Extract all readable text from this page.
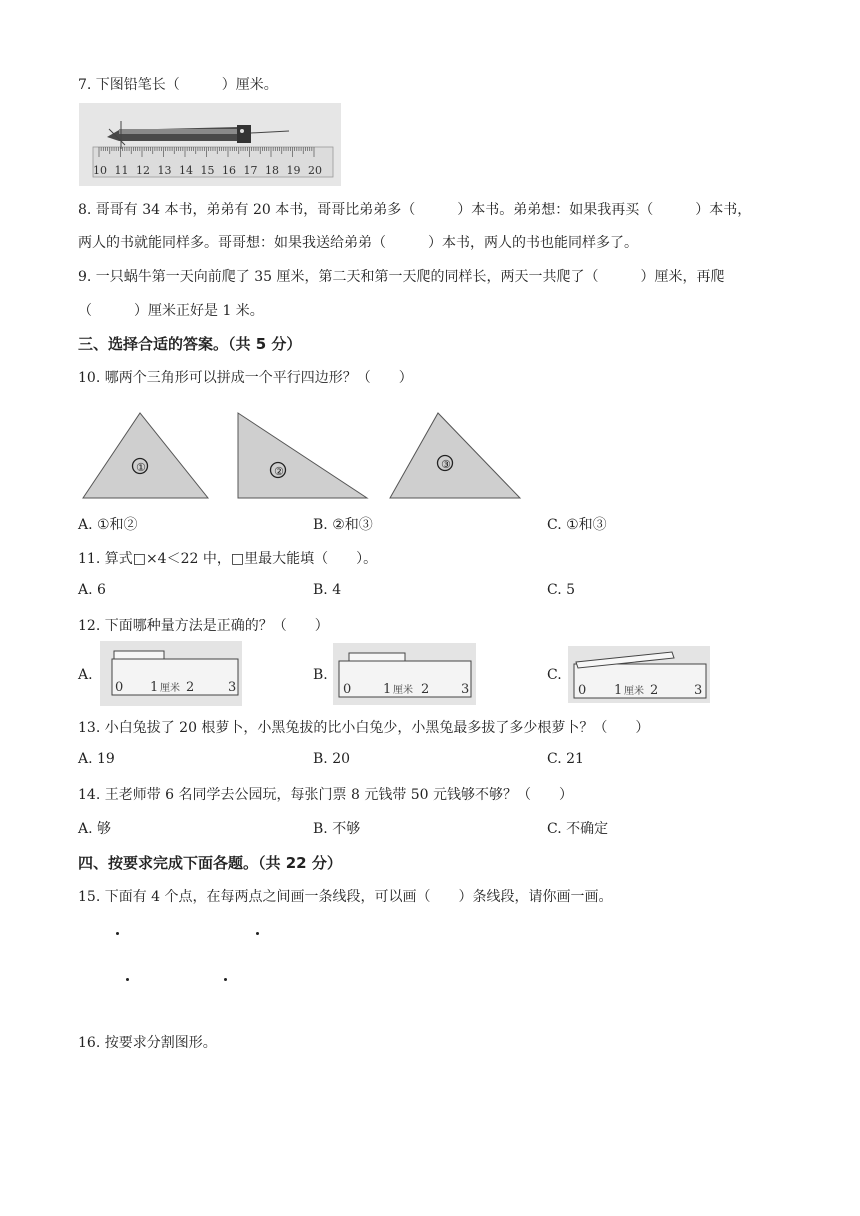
7. 下图铅笔长（　　　）厘米。
10 11 12 13 14 15 16 17 18 19 20
8. 哥哥有 34 本书，弟弟有 20 本书，哥哥比弟弟多（　　　）本书。弟弟想：如果我再买（　　　）本书，
两人的书就能同样多。哥哥想：如果我送给弟弟（　　　）本书，两人的书也能同样多了。
9. 一只蜗牛第一天向前爬了 35 厘米，第二天和第一天爬的同样长，两天一共爬了（　　　）厘米，再爬
（　　　）厘米正好是 1 米。
三、选择合适的答案。（共 5 分）
10. 哪两个三角形可以拼成一个平行四边形？（　　）
①	②
③
A. ①和②	B. ②和③	C. ①和③
11. 算式□×4＜22 中，□里最大能填（　　）。
A. 6	B. 4	C. 5
12. 下面哪种量方法是正确的？（　　）
A.
0 1 厘米 2	3
B.
0 1 厘米 2 3
C.
0 1 厘米 2	3
13. 小白兔拔了 20 根萝卜，小黑兔拔的比小白兔少，小黑兔最多拔了多少根萝卜？（　　）
A. 19	B. 20	C. 21
14. 王老师带 6 名同学去公园玩，每张门票 8 元钱带 50 元钱够不够？（　　）
A. 够	B. 不够	C. 不确定
四、按要求完成下面各题。（共 22 分）
15. 下面有 4 个点，在每两点之间画一条线段，可以画（　　）条线段，请你画一画。
16. 按要求分割图形。
